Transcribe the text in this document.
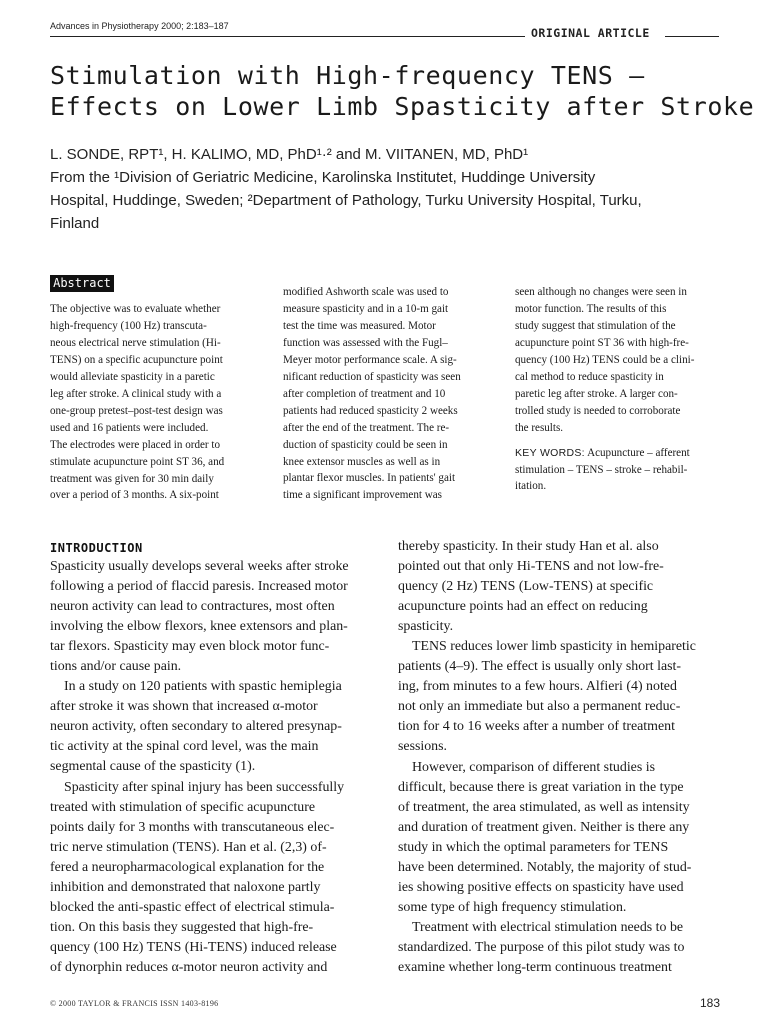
Advances in Physiotherapy 2000; 2:183–187	ORIGINAL ARTICLE
Stimulation with High-frequency TENS –
Effects on Lower Limb Spasticity after Stroke
L. SONDE, RPT¹, H. KALIMO, MD, PhD¹·² and M. VIITANEN, MD, PhD¹
From the ¹Division of Geriatric Medicine, Karolinska Institutet, Huddinge University
Hospital, Huddinge, Sweden; ²Department of Pathology, Turku University Hospital, Turku,
Finland
Abstract
The objective was to evaluate whether
high-frequency (100 Hz) transcuta-
neous electrical nerve stimulation (Hi-
TENS) on a specific acupuncture point
would alleviate spasticity in a paretic
leg after stroke. A clinical study with a
one-group pretest–post-test design was
used and 16 patients were included.
The electrodes were placed in order to
stimulate acupuncture point ST 36, and
treatment was given for 30 min daily
over a period of 3 months. A six-point
modified Ashworth scale was used to
measure spasticity and in a 10-m gait
test the time was measured. Motor
function was assessed with the Fugl–
Meyer motor performance scale. A sig-
nificant reduction of spasticity was seen
after completion of treatment and 10
patients had reduced spasticity 2 weeks
after the end of the treatment. The re-
duction of spasticity could be seen in
knee extensor muscles as well as in
plantar flexor muscles. In patients' gait
time a significant improvement was
seen although no changes were seen in
motor function. The results of this
study suggest that stimulation of the
acupuncture point ST 36 with high-fre-
quency (100 Hz) TENS could be a clini-
cal method to reduce spasticity in
paretic leg after stroke. A larger con-
trolled study is needed to corroborate
the results.
KEY WORDS: Acupuncture – afferent
stimulation – TENS – stroke – rehabil-
itation.
INTRODUCTION
Spasticity usually develops several weeks after stroke
following a period of flaccid paresis. Increased motor
neuron activity can lead to contractures, most often
involving the elbow flexors, knee extensors and plan-
tar flexors. Spasticity may even block motor func-
tions and/or cause pain.
In a study on 120 patients with spastic hemiplegia
after stroke it was shown that increased α-motor
neuron activity, often secondary to altered presynap-
tic activity at the spinal cord level, was the main
segmental cause of the spasticity (1).
Spasticity after spinal injury has been successfully
treated with stimulation of specific acupuncture
points daily for 3 months with transcutaneous elec-
tric nerve stimulation (TENS). Han et al. (2,3) of-
fered a neuropharmacological explanation for the
inhibition and demonstrated that naloxone partly
blocked the anti-spastic effect of electrical stimula-
tion. On this basis they suggested that high-fre-
quency (100 Hz) TENS (Hi-TENS) induced release
of dynorphin reduces α-motor neuron activity and
thereby spasticity. In their study Han et al. also
pointed out that only Hi-TENS and not low-fre-
quency (2 Hz) TENS (Low-TENS) at specific
acupuncture points had an effect on reducing
spasticity.
TENS reduces lower limb spasticity in hemiparetic
patients (4–9). The effect is usually only short last-
ing, from minutes to a few hours. Alfieri (4) noted
not only an immediate but also a permanent reduc-
tion for 4 to 16 weeks after a number of treatment
sessions.
However, comparison of different studies is
difficult, because there is great variation in the type
of treatment, the area stimulated, as well as intensity
and duration of treatment given. Neither is there any
study in which the optimal parameters for TENS
have been determined. Notably, the majority of stud-
ies showing positive effects on spasticity have used
some type of high frequency stimulation.
Treatment with electrical stimulation needs to be
standardized. The purpose of this pilot study was to
examine whether long-term continuous treatment
© 2000 TAYLOR & FRANCIS ISSN 1403-8196	183
